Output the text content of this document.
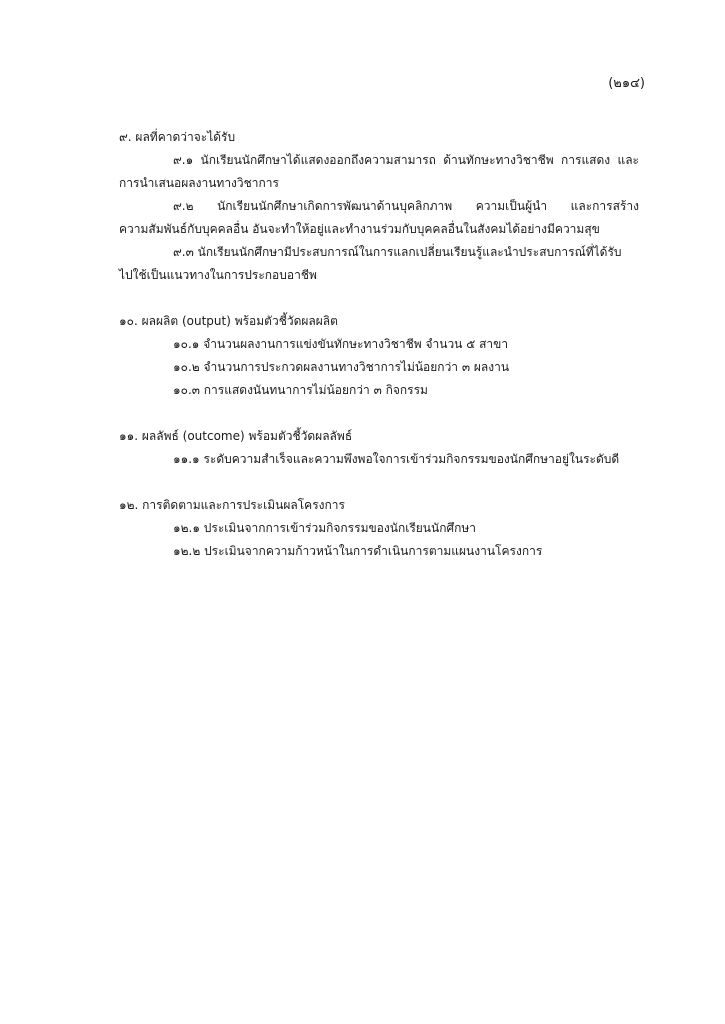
(๒๑๔)

๙. ผลที่คาดว่าจะได้รับ

๙.๑ นักเรียนนักศึกษาได้แสดงออกถึงความสามารถ ด้านทักษะทางวิชาชีพ การแสดง และ

การนำเสนอผลงานทางวิชาการ

๙.๒ นักเรียนนักศึกษาเกิดการพัฒนาด้านบุคลิกภาพ ความเป็นผู้นำ และการสร้าง

ความสัมพันธ์กับบุคคลอื่น อันจะทำให้อยู่และทำงานร่วมกับบุคคลอื่นในสังคมได้อย่างมีความสุข

๙.๓ นักเรียนนักศึกษามีประสบการณ์ในการแลกเปลี่ยนเรียนรู้และนำประสบการณ์ที่ได้รับ

ไปใช้เป็นแนวทางในการประกอบอาชีพ

๑๐. ผลผลิต (output) พร้อมตัวชี้วัดผลผลิต

๑๐.๑ จำนวนผลงานการแข่งขันทักษะทางวิชาชีพ จำนวน ๕ สาขา

๑๐.๒ จำนวนการประกวดผลงานทางวิชาการไม่น้อยกว่า ๓ ผลงาน

๑๐.๓ การแสดงนันทนาการไม่น้อยกว่า ๓ กิจกรรม

๑๑. ผลลัพธ์ (outcome) พร้อมตัวชี้วัดผลลัพธ์

๑๑.๑ ระดับความสำเร็จและความพึงพอใจการเข้าร่วมกิจกรรมของนักศึกษาอยู่ในระดับดี

๑๒. การติดตามและการประเมินผลโครงการ

๑๒.๑ ประเมินจากการเข้าร่วมกิจกรรมของนักเรียนนักศึกษา

๑๒.๒ ประเมินจากความก้าวหน้าในการดำเนินการตามแผนงานโครงการ
